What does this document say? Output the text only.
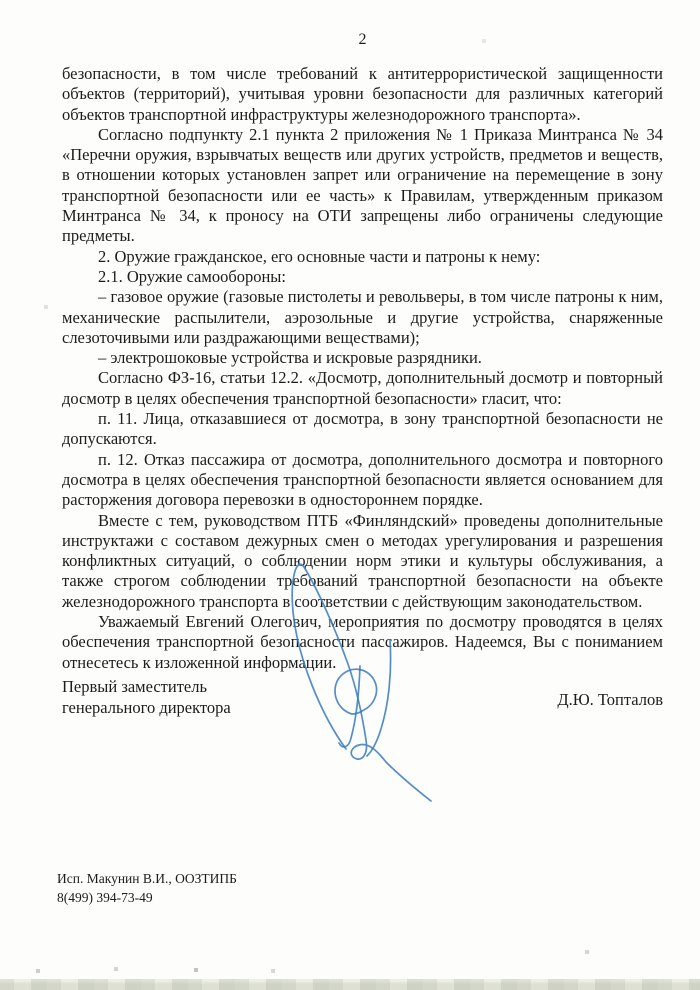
2

безопасности, в том числе требований к антитеррористической защищенности объектов (территорий), учитывая уровни безопасности для различных категорий объектов транспортной инфраструктуры железнодорожного транспорта».

Согласно подпункту 2.1 пункта 2 приложения № 1 Приказа Минтранса № 34 «Перечни оружия, взрывчатых веществ или других устройств, предметов и веществ, в отношении которых установлен запрет или ограничение на перемещение в зону транспортной безопасности или ее часть» к Правилам, утвержденным приказом Минтранса № 34, к проносу на ОТИ запрещены либо ограничены следующие предметы.

2. Оружие гражданское, его основные части и патроны к нему:

2.1. Оружие самообороны:

– газовое оружие (газовые пистолеты и револьверы, в том числе патроны к ним, механические распылители, аэрозольные и другие устройства, снаряженные слезоточивыми или раздражающими веществами);

– электрошоковые устройства и искровые разрядники.

Согласно ФЗ-16, статьи 12.2. «Досмотр, дополнительный досмотр и повторный досмотр в целях обеспечения транспортной безопасности» гласит, что:

п. 11. Лица, отказавшиеся от досмотра, в зону транспортной безопасности не допускаются.

п. 12. Отказ пассажира от досмотра, дополнительного досмотра и повторного досмотра в целях обеспечения транспортной безопасности является основанием для расторжения договора перевозки в одностороннем порядке.

Вместе с тем, руководством ПТБ «Финляндский» проведены дополнительные инструктажи с составом дежурных смен о методах урегулирования и разрешения конфликтных ситуаций, о соблюдении норм этики и культуры обслуживания, а также строгом соблюдении требований транспортной безопасности на объекте железнодорожного транспорта в соответствии с действующим законодательством.

Уважаемый Евгений Олегович, мероприятия по досмотру проводятся в целях обеспечения транспортной безопасности пассажиров. Надеемся, Вы с пониманием отнесетесь к изложенной информации.

Первый заместитель
генерального директора	Д.Ю. Топталов
Исп. Макунин В.И., ООЗТИПБ
8(499) 394-73-49
